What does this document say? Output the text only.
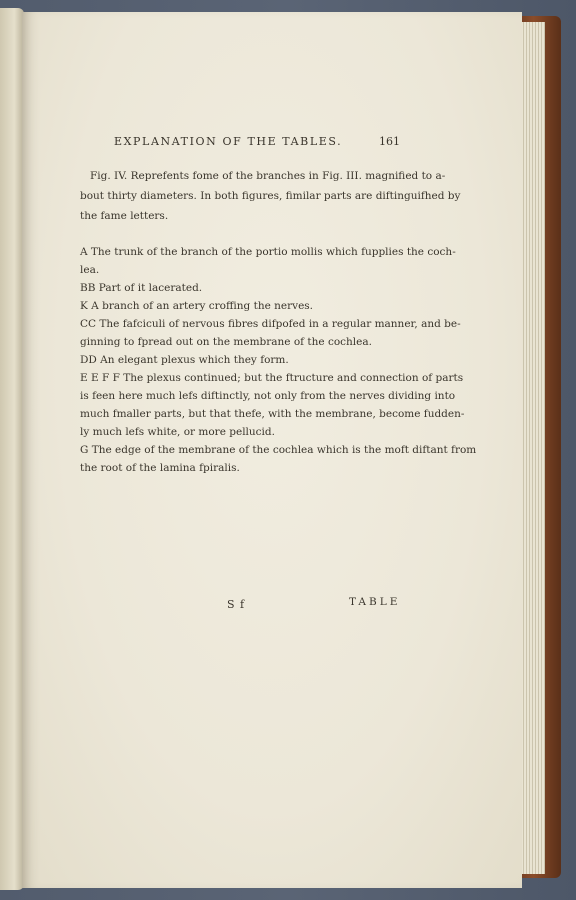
EXPLANATION OF THE TABLES.	161
Fig. IV. Reprefents fome of the branches in Fig. III. magnified to a-
bout thirty diameters. In both figures, fimilar parts are diftinguifhed by
the fame letters.
A The trunk of the branch of the portio mollis which fupplies the coch-
lea.
BB Part of it lacerated.
K A branch of an artery croffing the nerves.
CC The fafciculi of nervous fibres difpofed in a regular manner, and be-
ginning to fpread out on the membrane of the cochlea.
DD An elegant plexus which they form.
E E F F The plexus continued; but the ftructure and connection of parts
is feen here much lefs diftinctly, not only from the nerves dividing into
much fmaller parts, but that thefe, with the membrane, become fudden-
ly much lefs white, or more pellucid.
G The edge of the membrane of the cochlea which is the moft diftant from
the root of the lamina fpiralis.
S f	TABLE
